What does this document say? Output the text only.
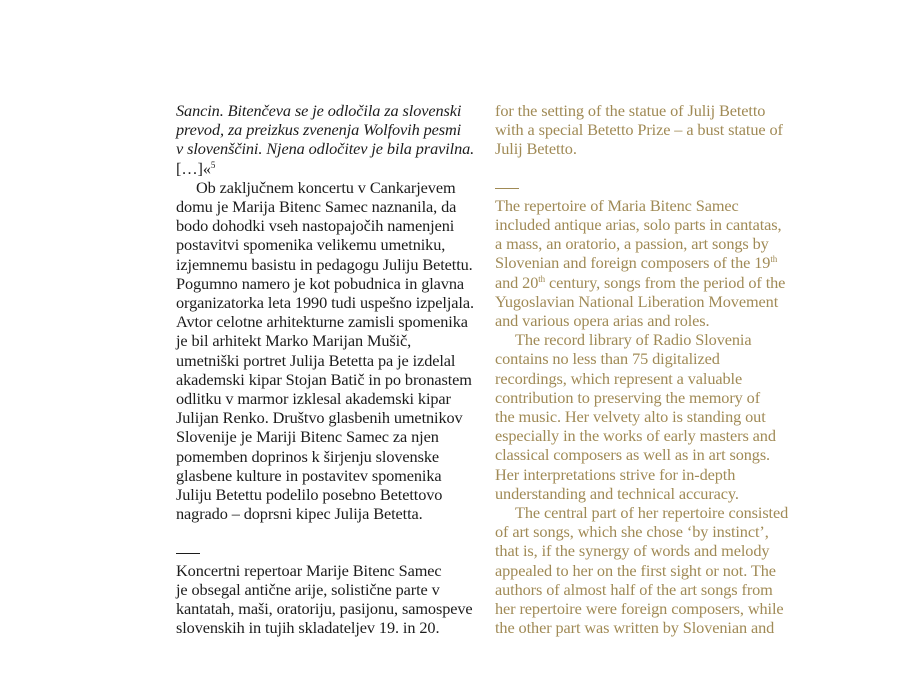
Sancin. Bitenčeva se je odločila za slovenski
prevod, za preizkus zvenenja Wolfovih pesmi
v slovenščini. Njena odločitev je bila pravilna.
[…]«$^5$
Ob zaključnem koncertu v Cankarjevem
domu je Marija Bitenc Samec naznanila, da
bodo dohodki vseh nastopajočih namenjeni
postavitvi spomenika velikemu umetniku,
izjemnemu basistu in pedagogu Juliju Betettu.
Pogumno namero je kot pobudnica in glavna
organizatorka leta 1990 tudi uspešno izpeljala.
Avtor celotne arhitekturne zamisli spomenika
je bil arhitekt Marko Marijan Mušič,
umetniški portret Julija Betetta pa je izdelal
akademski kipar Stojan Batič in po bronastem
odlitku v marmor izklesal akademski kipar
Julijan Renko. Društvo glasbenih umetnikov
Slovenije je Mariji Bitenc Samec za njen
pomemben doprinos k širjenju slovenske
glasbene kulture in postavitev spomenika
Juliju Betettu podelilo posebno Betettovo
nagrado – doprsni kipec Julija Betetta.
Koncertni repertoar Marije Bitenc Samec
je obsegal antične arije, solistične parte v
kantatah, maši, oratoriju, pasijonu, samospeve
slovenskih in tujih skladateljev 19. in 20.
for the setting of the statue of Julij Betetto
with a special Betetto Prize – a bust statue of
Julij Betetto.
The repertoire of Maria Bitenc Samec
included antique arias, solo parts in cantatas,
a mass, an oratorio, a passion, art songs by
Slovenian and foreign composers of the 19th
and 20th century, songs from the period of the
Yugoslavian National Liberation Movement
and various opera arias and roles.
The record library of Radio Slovenia
contains no less than 75 digitalized
recordings, which represent a valuable
contribution to preserving the memory of
the music. Her velvety alto is standing out
especially in the works of early masters and
classical composers as well as in art songs.
Her interpretations strive for in-depth
understanding and technical accuracy.
The central part of her repertoire consisted
of art songs, which she chose ‘by instinct’,
that is, if the synergy of words and melody
appealed to her on the first sight or not. The
authors of almost half of the art songs from
her repertoire were foreign composers, while
the other part was written by Slovenian and
